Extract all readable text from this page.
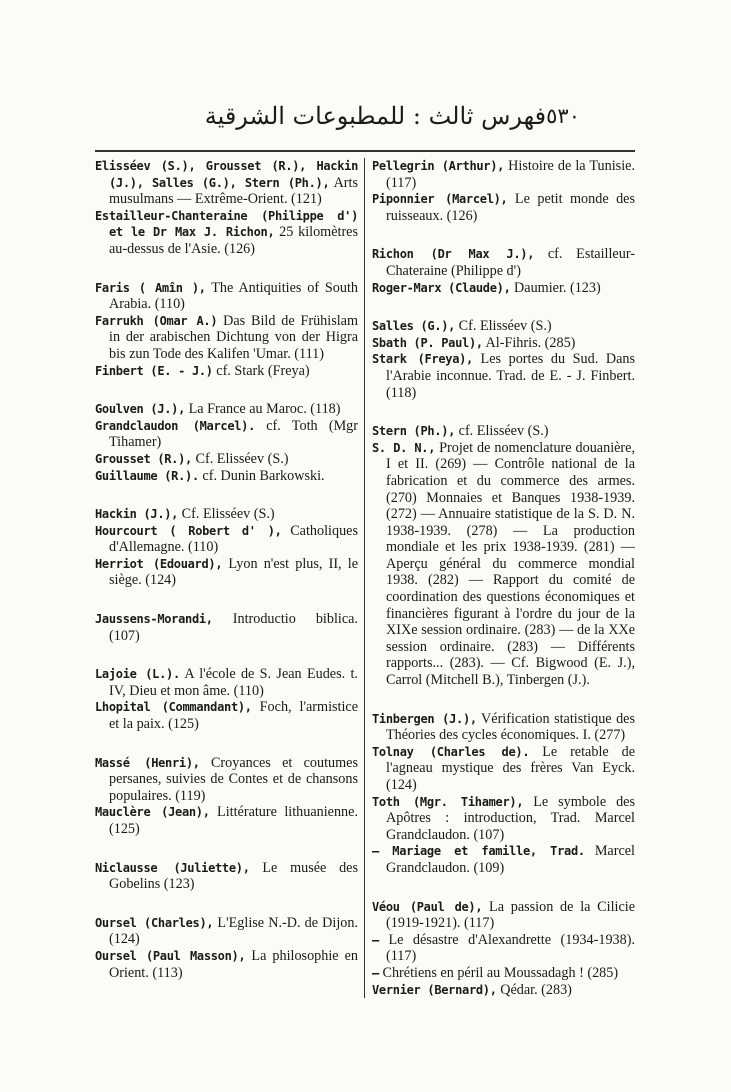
٥٣٠
فهرس ثالث : للمطبوعات الشرقية
Elisséev (S.), Grousset (R.), Hackin (J.), Salles (G.), Stern (Ph.), Arts musulmans — Extrême-Orient. (121)
Estailleur-Chanteraine (Philippe d') et le Dr Max J. Richon, 25 kilomètres au-dessus de l'Asie. (126)
Faris ( Amîn ), The Antiquities of South Arabia. (110)
Farrukh (Omar A.) Das Bild de Frühislam in der arabischen Dichtung von der Higra bis zun Tode des Kalifen 'Umar. (111)
Finbert (E. - J.) cf. Stark (Freya)
Goulven (J.), La France au Maroc. (118)
Grandclaudon (Marcel). cf. Toth (Mgr Tihamer)
Grousset (R.), Cf. Elisséev (S.)
Guillaume (R.). cf. Dunin Barkowski.
Hackin (J.), Cf. Elisséev (S.)
Hourcourt ( Robert d' ), Catholiques d'Allemagne. (110)
Herriot (Edouard), Lyon n'est plus, II, le siège. (124)
Jaussens-Morandi, Introductio biblica. (107)
Lajoie (L.). A l'école de S. Jean Eudes. t. IV, Dieu et mon âme. (110)
Lhopital (Commandant), Foch, l'armistice et la paix. (125)
Massé (Henri), Croyances et coutumes persanes, suivies de Contes et de chansons populaires. (119)
Mauclère (Jean), Littérature lithuanienne. (125)
Niclausse (Juliette), Le musée des Gobelins (123)
Oursel (Charles), L'Eglise N.-D. de Dijon. (124)
Oursel (Paul Masson), La philosophie en Orient. (113)
Pellegrin (Arthur), Histoire de la Tunisie. (117)
Piponnier (Marcel), Le petit monde des ruisseaux. (126)
Richon (Dr Max J.), cf. Estailleur-Chateraine (Philippe d')
Roger-Marx (Claude), Daumier. (123)
Salles (G.), Cf. Elisséev (S.)
Sbath (P. Paul), Al-Fihris. (285)
Stark (Freya), Les portes du Sud. Dans l'Arabie inconnue. Trad. de E. - J. Finbert. (118)
Stern (Ph.), cf. Elisséev (S.)
S. D. N., Projet de nomenclature douanière, I et II. (269) — Contrôle national de la fabrication et du commerce des armes. (270) Monnaies et Banques 1938-1939. (272) — Annuaire statistique de la S. D. N. 1938-1939. (278) — La production mondiale et les prix 1938-1939. (281) — Aperçu général du commerce mondial 1938. (282) — Rapport du comité de coordination des questions économiques et financières figurant à l'ordre du jour de la XIXe session ordinaire. (283) — de la XXe session ordinaire. (283) — Différents rapports... (283). — Cf. Bigwood (E. J.), Carrol (Mitchell B.), Tinbergen (J.).
Tinbergen (J.), Vérification statistique des Théories des cycles économiques. I. (277)
Tolnay (Charles de). Le retable de l'agneau mystique des frères Van Eyck. (124)
Toth (Mgr. Tihamer), Le symbole des Apôtres : introduction, Trad. Marcel Grandclaudon. (107)
— Mariage et famille, Trad. Marcel Grandclaudon. (109)
Véou (Paul de), La passion de la Cilicie (1919-1921). (117)
— Le désastre d'Alexandrette (1934-1938). (117)
— Chrétiens en péril au Moussadagh ! (285)
Vernier (Bernard), Qédar. (283)
